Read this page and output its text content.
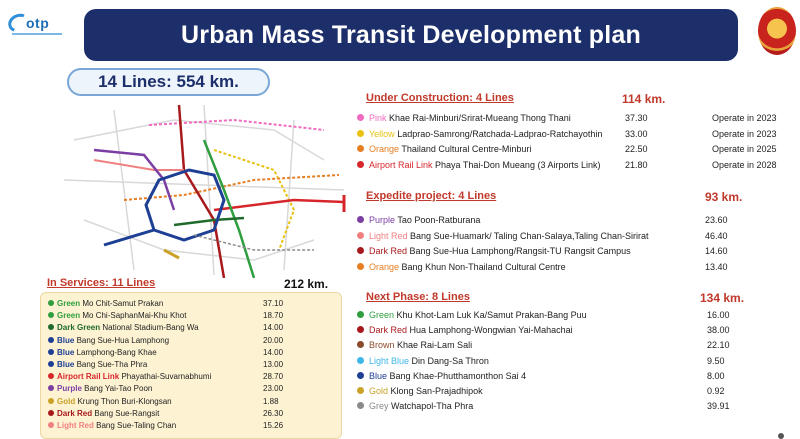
otp	Urban Mass Transit Development plan
14 Lines: 554 km.
In Services: 11 Lines	212 km.
Green Mo Chit-Samut Prakan	37.10
Green Mo Chi-SaphanMai-Khu Khot	18.70
Dark Green National Stadium-Bang Wa	14.00
Blue Bang Sue-Hua Lamphong	20.00
Blue Lamphong-Bang Khae	14.00
Blue Bang Sue-Tha Phra	13.00
Airport Rail Link Phayathai-Suvarnabhumi	28.70
Purple Bang Yai-Tao Poon	23.00
Gold Krung Thon Buri-Klongsan	1.88
Dark Red Bang Sue-Rangsit	26.30
Light Red Bang Sue-Taling Chan	15.26
Under Construction: 4 Lines	114 km.
Pink Khae Rai-Minburi/Srirat-Mueang Thong Thani	37.30	Operate in 2023
Yellow Ladprao-Samrong/Ratchada-Ladprao-Ratchayothin	33.00	Operate in 2023
Orange Thailand Cultural Centre-Minburi	22.50	Operate in 2025
Airport Rail Link Phaya Thai-Don Mueang (3 Airports Link)	21.80	Operate in 2028
Expedite project: 4 Lines	93 km.
Purple Tao Poon-Ratburana	23.60
Light Red Bang Sue-Huamark/ Taling Chan-Salaya,Taling Chan-Sirirat	46.40
Dark Red Bang Sue-Hua Lamphong/Rangsit-TU Rangsit Campus	14.60
Orange Bang Khun Non-Thailand Cultural Centre	13.40
Next Phase: 8 Lines	134 km.
Green Khu Khot-Lam Luk Ka/Samut Prakan-Bang Puu	16.00
Dark Red Hua Lamphong-Wongwian Yai-Mahachai	38.00
Brown Khae Rai-Lam Sali	22.10
Light Blue Din Dang-Sa Thron	9.50
Blue Bang Khae-Phutthamonthon Sai 4	8.00
Gold Klong San-Prajadhipok	0.92
Grey Watchapol-Tha Phra	39.91
